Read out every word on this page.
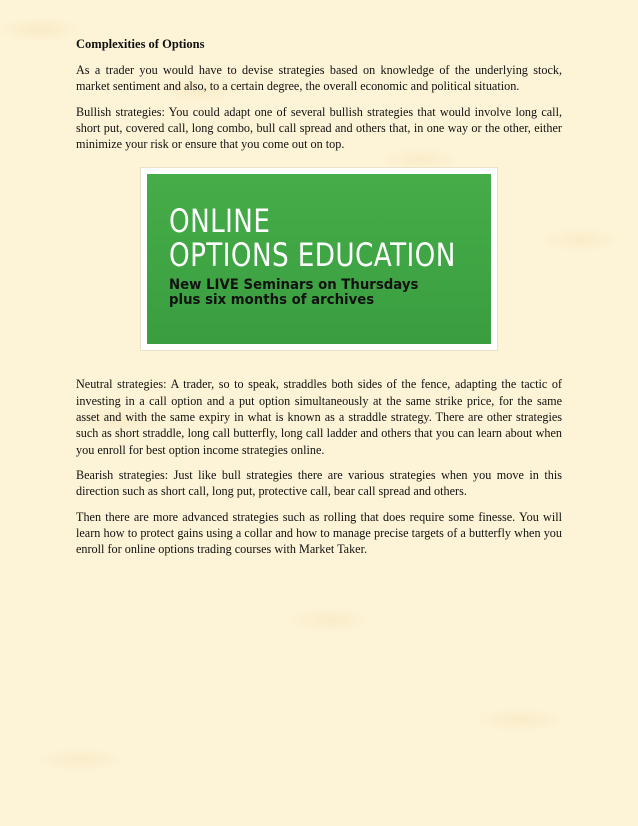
Complexities of Options

As a trader you would have to devise strategies based on knowledge of the underlying stock, market sentiment and also, to a certain degree, the overall economic and political situation.

Bullish strategies: You could adapt one of several bullish strategies that would involve long call, short put, covered call, long combo, bull call spread and others that, in one way or the other, either minimize your risk or ensure that you come out on top.

ONLINE
OPTIONS EDUCATION
New LIVE Seminars on Thursdays
plus six months of archives

Neutral strategies: A trader, so to speak, straddles both sides of the fence, adapting the tactic of investing in a call option and a put option simultaneously at the same strike price, for the same asset and with the same expiry in what is known as a straddle strategy. There are other strategies such as short straddle, long call butterfly, long call ladder and others that you can learn about when you enroll for best option income strategies online.

Bearish strategies: Just like bull strategies there are various strategies when you move in this direction such as short call, long put, protective call, bear call spread and others.

Then there are more advanced strategies such as rolling that does require some finesse. You will learn how to protect gains using a collar and how to manage precise targets of a butterfly when you enroll for online options trading courses with Market Taker.
